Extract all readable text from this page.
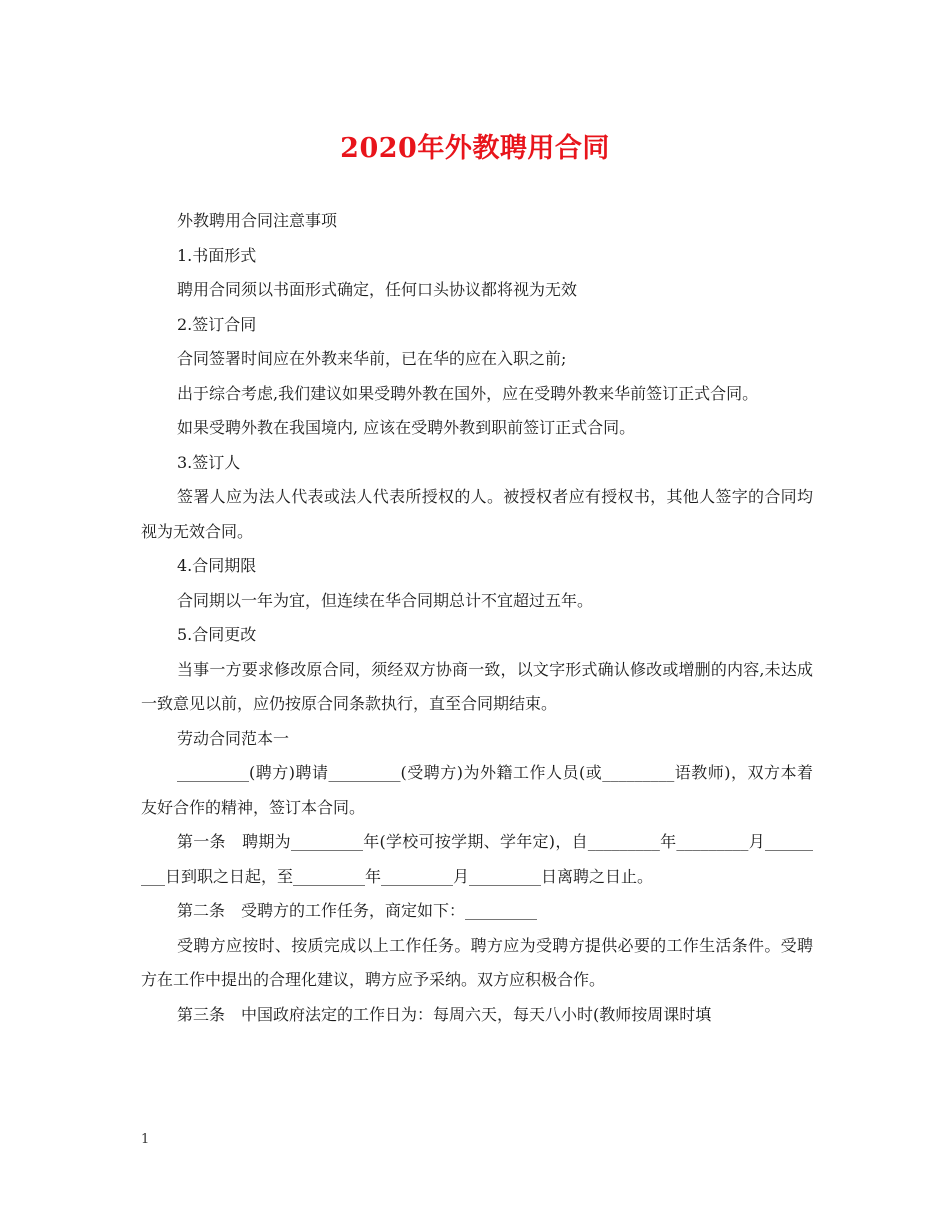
2020年外教聘用合同

外教聘用合同注意事项

1.书面形式

聘用合同须以书面形式确定，任何口头协议都将视为无效

2.签订合同

合同签署时间应在外教来华前，已在华的应在入职之前;

出于综合考虑,我们建议如果受聘外教在国外，应在受聘外教来华前签订正式合同。

如果受聘外教在我国境内, 应该在受聘外教到职前签订正式合同。

3.签订人

签署人应为法人代表或法人代表所授权的人。被授权者应有授权书，其他人签字的合同均视为无效合同。

4.合同期限

合同期以一年为宜，但连续在华合同期总计不宜超过五年。

5.合同更改

当事一方要求修改原合同，须经双方协商一致，以文字形式确认修改或增删的内容,未达成一致意见以前，应仍按原合同条款执行，直至合同期结束。

劳动合同范本一

_________(聘方)聘请_________(受聘方)为外籍工作人员(或_________语教师)，双方本着友好合作的精神，签订本合同。

第一条　聘期为_________年(学校可按学期、学年定)，自_________年_________月_________日到职之日起，至_________年_________月_________日离聘之日止。

第二条　受聘方的工作任务，商定如下：_________

受聘方应按时、按质完成以上工作任务。聘方应为受聘方提供必要的工作生活条件。受聘方在工作中提出的合理化建议，聘方应予采纳。双方应积极合作。

第三条　中国政府法定的工作日为：每周六天，每天八小时(教师按周课时填

1
